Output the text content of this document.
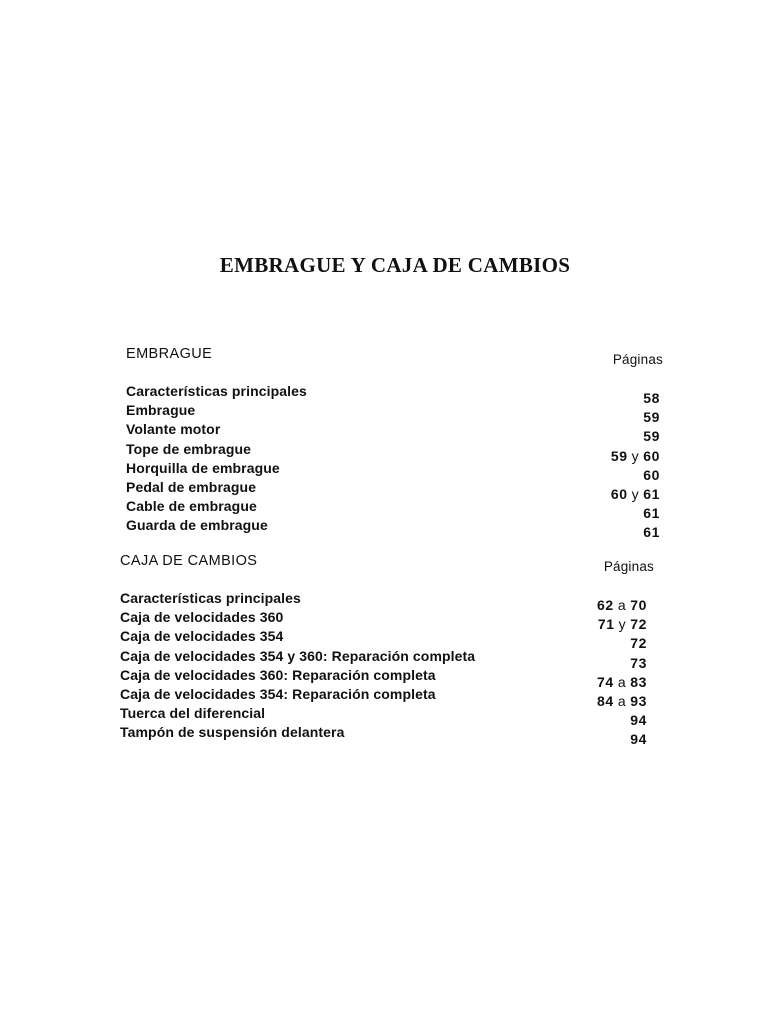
EMBRAGUE Y CAJA DE CAMBIOS
EMBRAGUE	Páginas
Características principales	58
Embrague	59
Volante motor	59
Tope de embrague	59 y 60
Horquilla de embrague	60
Pedal de embrague	60 y 61
Cable de embrague	61
Guarda de embrague	61
CAJA DE CAMBIOS	Páginas
Características principales	62 a 70
Caja de velocidades 360	71 y 72
Caja de velocidades 354	72
Caja de velocidades 354 y 360: Reparación completa	73
Caja de velocidades 360: Reparación completa	74 a 83
Caja de velocidades 354: Reparación completa	84 a 93
Tuerca del diferencial	94
Tampón de suspensión delantera	94
